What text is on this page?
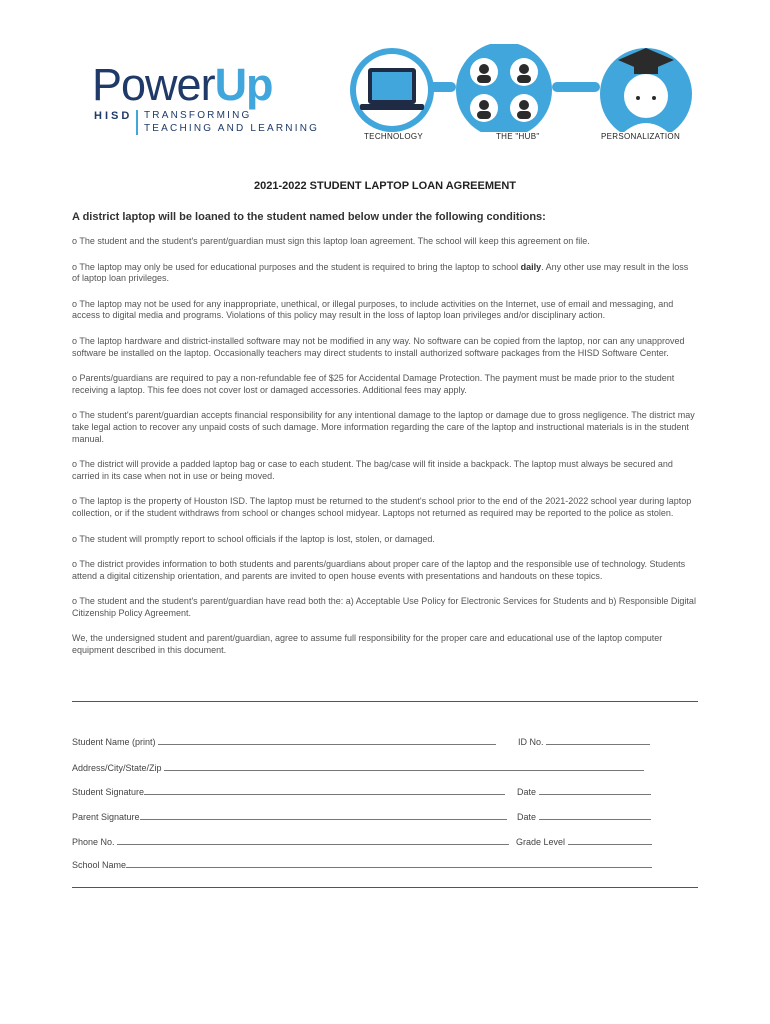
PowerUp
HISD TRANSFORMING
TEACHING AND LEARNING
TECHNOLOGY	THE "HUB"	PERSONALIZATION
2021-2022 STUDENT LAPTOP LOAN AGREEMENT
A district laptop will be loaned to the student named below under the following conditions:

o The student and the student's parent/guardian must sign this laptop loan agreement. The school will keep this agreement on file.

o The laptop may only be used for educational purposes and the student is required to bring the laptop to school daily. Any other use may result in the loss of laptop loan privileges.

o The laptop may not be used for any inappropriate, unethical, or illegal purposes, to include activities on the Internet, use of email and messaging, and access to digital media and programs. Violations of this policy may result in the loss of laptop loan privileges and/or disciplinary action.

o The laptop hardware and district-installed software may not be modified in any way. No software can be copied from the laptop, nor can any unapproved software be installed on the laptop. Occasionally teachers may direct students to install authorized software packages from the HISD Software Center.

o Parents/guardians are required to pay a non-refundable fee of $25 for Accidental Damage Protection. The payment must be made prior to the student receiving a laptop. This fee does not cover lost or damaged accessories. Additional fees may apply.

o The student's parent/guardian accepts financial responsibility for any intentional damage to the laptop or damage due to gross negligence. The district may take legal action to recover any unpaid costs of such damage. More information regarding the care of the laptop and instructional materials is in the student manual.

o The district will provide a padded laptop bag or case to each student. The bag/case will fit inside a backpack. The laptop must always be secured and carried in its case when not in use or being moved.

o The laptop is the property of Houston ISD. The laptop must be returned to the student's school prior to the end of the 2021-2022 school year during laptop collection, or if the student withdraws from school or changes school midyear. Laptops not returned as required may be reported to the police as stolen.

o The student will promptly report to school officials if the laptop is lost, stolen, or damaged.

o The district provides information to both students and parents/guardians about proper care of the laptop and the responsible use of technology. Students attend a digital citizenship orientation, and parents are invited to open house events with presentations and handouts on these topics.

o The student and the student's parent/guardian have read both the: a) Acceptable Use Policy for Electronic Services for Students and b) Responsible Digital Citizenship Policy Agreement.

We, the undersigned student and parent/guardian, agree to assume full responsibility for the proper care and educational use of the laptop computer equipment described in this document.

Student Name (print)	ID No.
Address/City/State/Zip
Student Signature	Date
Parent Signature	Date
Phone No.	Grade Level
School Name
